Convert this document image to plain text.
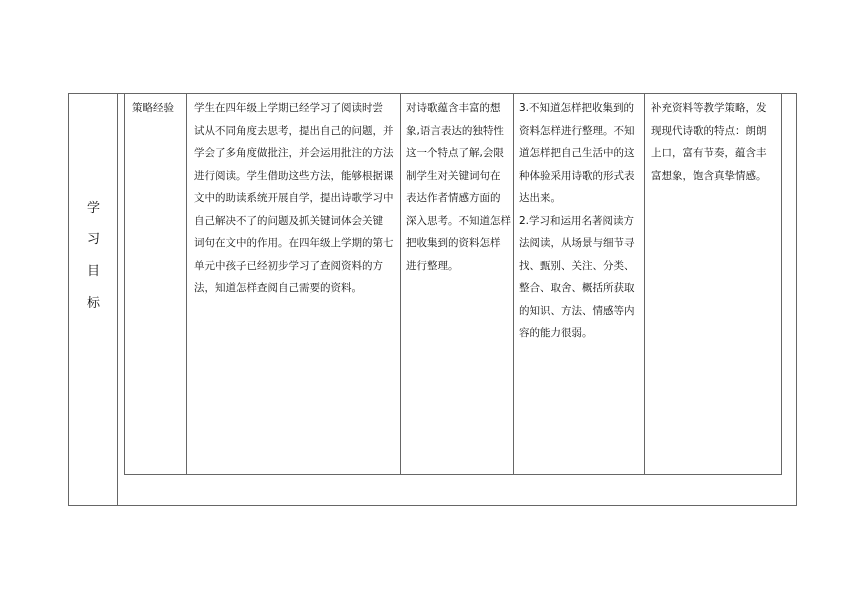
学
习
目
标
策略经验	学生在四年级上学期已经学习了阅读时尝
试从不同角度去思考，提出自己的问题，并
学会了多角度做批注，并会运用批注的方法
进行阅读。学生借助这些方法，能够根据课
文中的助读系统开展自学，提出诗歌学习中
自己解决不了的问题及抓关键词体会关键
词句在文中的作用。在四年级上学期的第七
单元中孩子已经初步学习了查阅资料的方
法，知道怎样查阅自己需要的资料。
对诗歌蕴含丰富的想
象,语言表达的独特性
这一个特点了解,会限
制学生对关键词句在
表达作者情感方面的
深入思考。不知道怎样
把收集到的资料怎样
进行整理。
3.不知道怎样把收集到的
资料怎样进行整理。不知
道怎样把自己生活中的这
种体验采用诗歌的形式表
达出来。
2.学习和运用名著阅读方
法阅读，从场景与细节寻
找、甄别、关注、分类、
整合、取舍、概括所获取
的知识、方法、情感等内
容的能力很弱。
补充资料等教学策略，发
现现代诗歌的特点：朗朗
上口，富有节奏，蕴含丰
富想象，饱含真挚情感。
